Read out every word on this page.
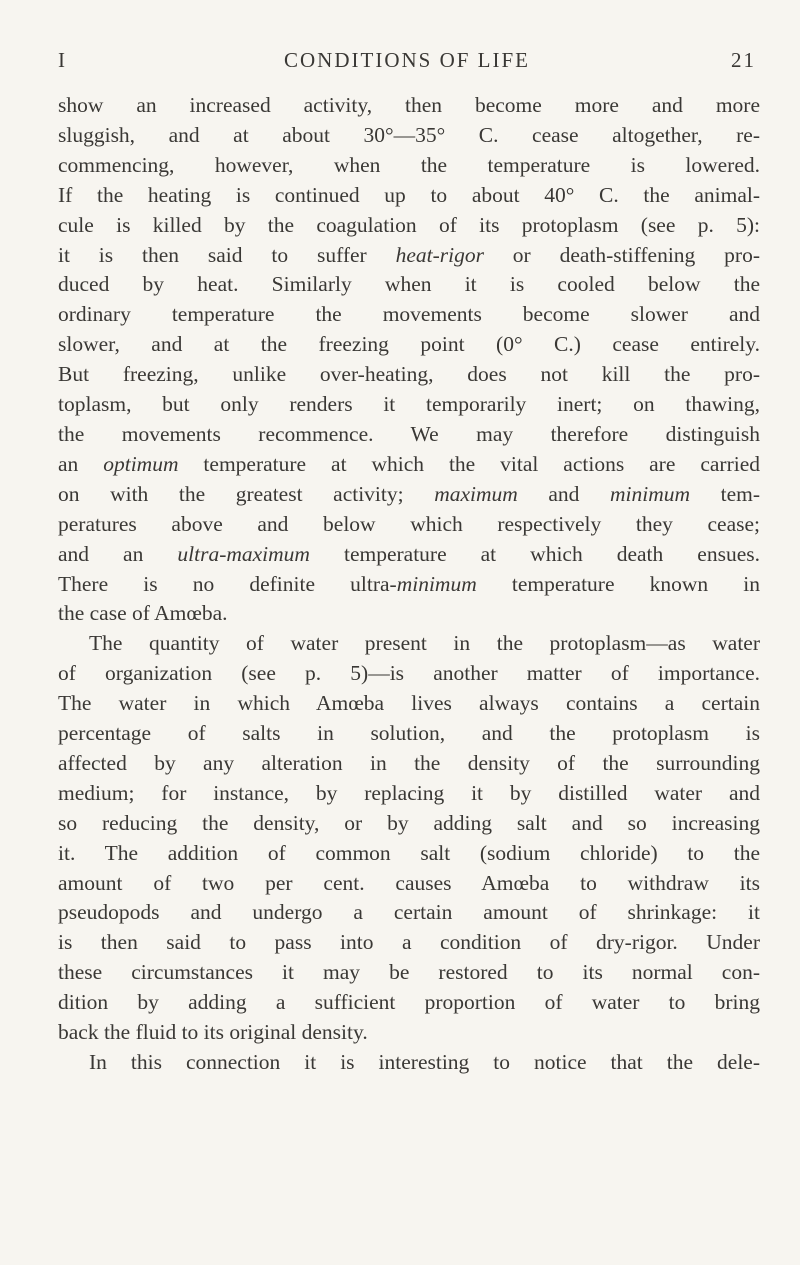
I	CONDITIONS OF LIFE	21

show an increased activity, then become more and more
sluggish, and at about 30°—35° C. cease altogether, re-
commencing, however, when the temperature is lowered.
If the heating is continued up to about 40° C. the animal-
cule is killed by the coagulation of its protoplasm (see p. 5):
it is then said to suffer heat-rigor or death-stiffening pro-
duced by heat. Similarly when it is cooled below the
ordinary temperature the movements become slower and
slower, and at the freezing point (0° C.) cease entirely.
But freezing, unlike over-heating, does not kill the pro-
toplasm, but only renders it temporarily inert; on thawing,
the movements recommence. We may therefore distinguish
an optimum temperature at which the vital actions are carried
on with the greatest activity; maximum and minimum tem-
peratures above and below which respectively they cease;
and an ultra-maximum temperature at which death ensues.
There is no definite ultra-minimum temperature known in
the case of Amœba.

The quantity of water present in the protoplasm—as water
of organization (see p. 5)—is another matter of importance.
The water in which Amœba lives always contains a certain
percentage of salts in solution, and the protoplasm is
affected by any alteration in the density of the surrounding
medium; for instance, by replacing it by distilled water and
so reducing the density, or by adding salt and so increasing
it. The addition of common salt (sodium chloride) to the
amount of two per cent. causes Amœba to withdraw its
pseudopods and undergo a certain amount of shrinkage: it
is then said to pass into a condition of dry-rigor. Under
these circumstances it may be restored to its normal con-
dition by adding a sufficient proportion of water to bring
back the fluid to its original density.

In this connection it is interesting to notice that the dele-
